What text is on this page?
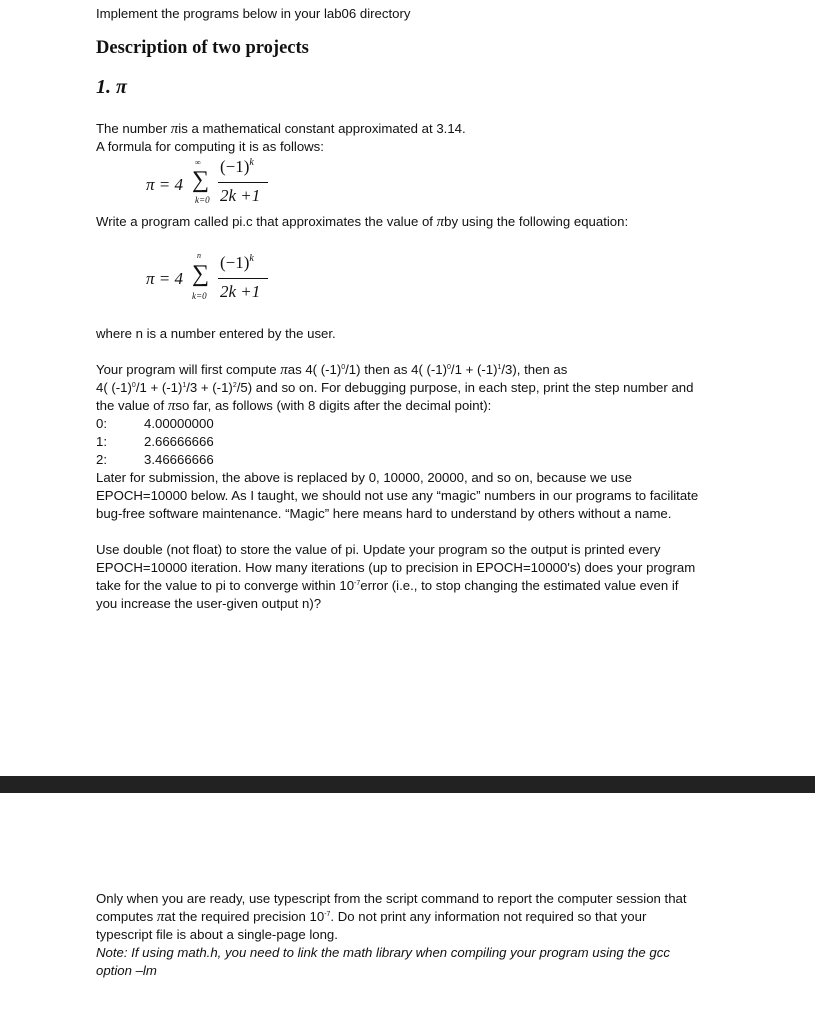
Implement the programs below in your lab06 directory
Description of two projects
1. π
The number πis a mathematical constant approximated at 3.14.
A formula for computing it is as follows:
π = 4
∞
∑
k=0
$(-1)^k$
2k +1
Write a program called pi.c that approximates the value of πby using the following equation:
π = 4
n
∑
k=0
$(-1)^k$
2k +1
where n is a number entered by the user.
Your program will first compute πas 4( $(-1)^0/1$) then as 4( $(-1)^0/1 + (-1)^1/3$), then as
4( $(-1)^0/1 + (-1)^1/3 + (-1)^2/5$) and so on. For debugging purpose, in each step, print the step number and
the value of πso far, as follows (with 8 digits after the decimal point):
0:	4.00000000
1:	2.66666666
2:	3.46666666
Later for submission, the above is replaced by 0, 10000, 20000, and so on, because we use
EPOCH=10000 below. As I taught, we should not use any “magic” numbers in our programs to facilitate
bug-free software maintenance. “Magic” here means hard to understand by others without a name.
Use double (not float) to store the value of pi. Update your program so the output is printed every
EPOCH=10000 iteration. How many iterations (up to precision in EPOCH=10000's) does your program
take for the value to pi to converge within $10^{-7}error$ (i.e., to stop changing the estimated value even if
you increase the user-given output n)?
Only when you are ready, use typescript from the script command to report the computer session that
computes πat the required precision $10^{-7}$. Do not print any information not required so that your
typescript file is about a single-page long.
Note: If using math.h, you need to link the math library when compiling your program using the gcc
option –lm
